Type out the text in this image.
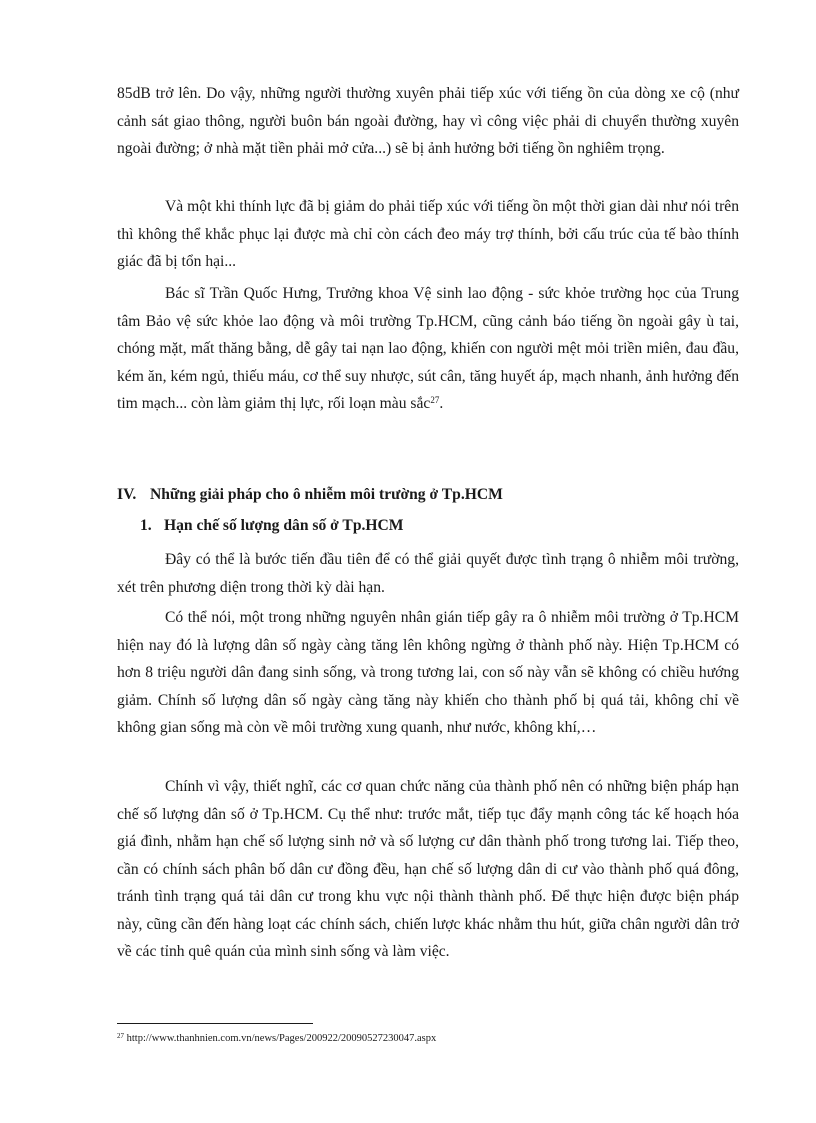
85dB trở lên. Do vậy, những người thường xuyên phải tiếp xúc với tiếng ồn của dòng xe cộ (như cảnh sát giao thông, người buôn bán ngoài đường, hay vì công việc phải di chuyển thường xuyên ngoài đường; ở nhà mặt tiền phải mở cửa...) sẽ bị ảnh hưởng bởi tiếng ồn nghiêm trọng.

Và một khi thính lực đã bị giảm do phải tiếp xúc với tiếng ồn một thời gian dài như nói trên thì không thể khắc phục lại được mà chỉ còn cách đeo máy trợ thính, bởi cấu trúc của tế bào thính giác đã bị tổn hại...

Bác sĩ Trần Quốc Hưng, Trưởng khoa Vệ sinh lao động - sức khỏe trường học của Trung tâm Bảo vệ sức khỏe lao động và môi trường Tp.HCM, cũng cảnh báo tiếng ồn ngoài gây ù tai, chóng mặt, mất thăng bằng, dễ gây tai nạn lao động, khiến con người mệt mỏi triền miên, đau đầu, kém ăn, kém ngủ, thiếu máu, cơ thể suy nhược, sút cân, tăng huyết áp, mạch nhanh, ảnh hưởng đến tim mạch... còn làm giảm thị lực, rối loạn màu sắc$^{27}$.

IV. Những giải pháp cho ô nhiễm môi trường ở Tp.HCM

1. Hạn chế số lượng dân số ở Tp.HCM

Đây có thể là bước tiến đầu tiên để có thể giải quyết được tình trạng ô nhiễm môi trường, xét trên phương diện trong thời kỳ dài hạn.

Có thể nói, một trong những nguyên nhân gián tiếp gây ra ô nhiễm môi trường ở Tp.HCM hiện nay đó là lượng dân số ngày càng tăng lên không ngừng ở thành phố này. Hiện Tp.HCM có hơn 8 triệu người dân đang sinh sống, và trong tương lai, con số này vẫn sẽ không có chiều hướng giảm. Chính số lượng dân số ngày càng tăng này khiến cho thành phố bị quá tải, không chỉ về không gian sống mà còn về môi trường xung quanh, như nước, không khí,…

Chính vì vậy, thiết nghĩ, các cơ quan chức năng của thành phố nên có những biện pháp hạn chế số lượng dân số ở Tp.HCM. Cụ thể như: trước mắt, tiếp tục đẩy mạnh công tác kế hoạch hóa giá đình, nhằm hạn chế số lượng sinh nở và số lượng cư dân thành phố trong tương lai. Tiếp theo, cần có chính sách phân bố dân cư đồng đều, hạn chế số lượng dân di cư vào thành phố quá đông, tránh tình trạng quá tải dân cư trong khu vực nội thành thành phố. Để thực hiện được biện pháp này, cũng cần đến hàng loạt các chính sách, chiến lược khác nhằm thu hút, giữa chân người dân trở về các tỉnh quê quán của mình sinh sống và làm việc.

$^{27}$ http://www.thanhnien.com.vn/news/Pages/200922/20090527230047.aspx
